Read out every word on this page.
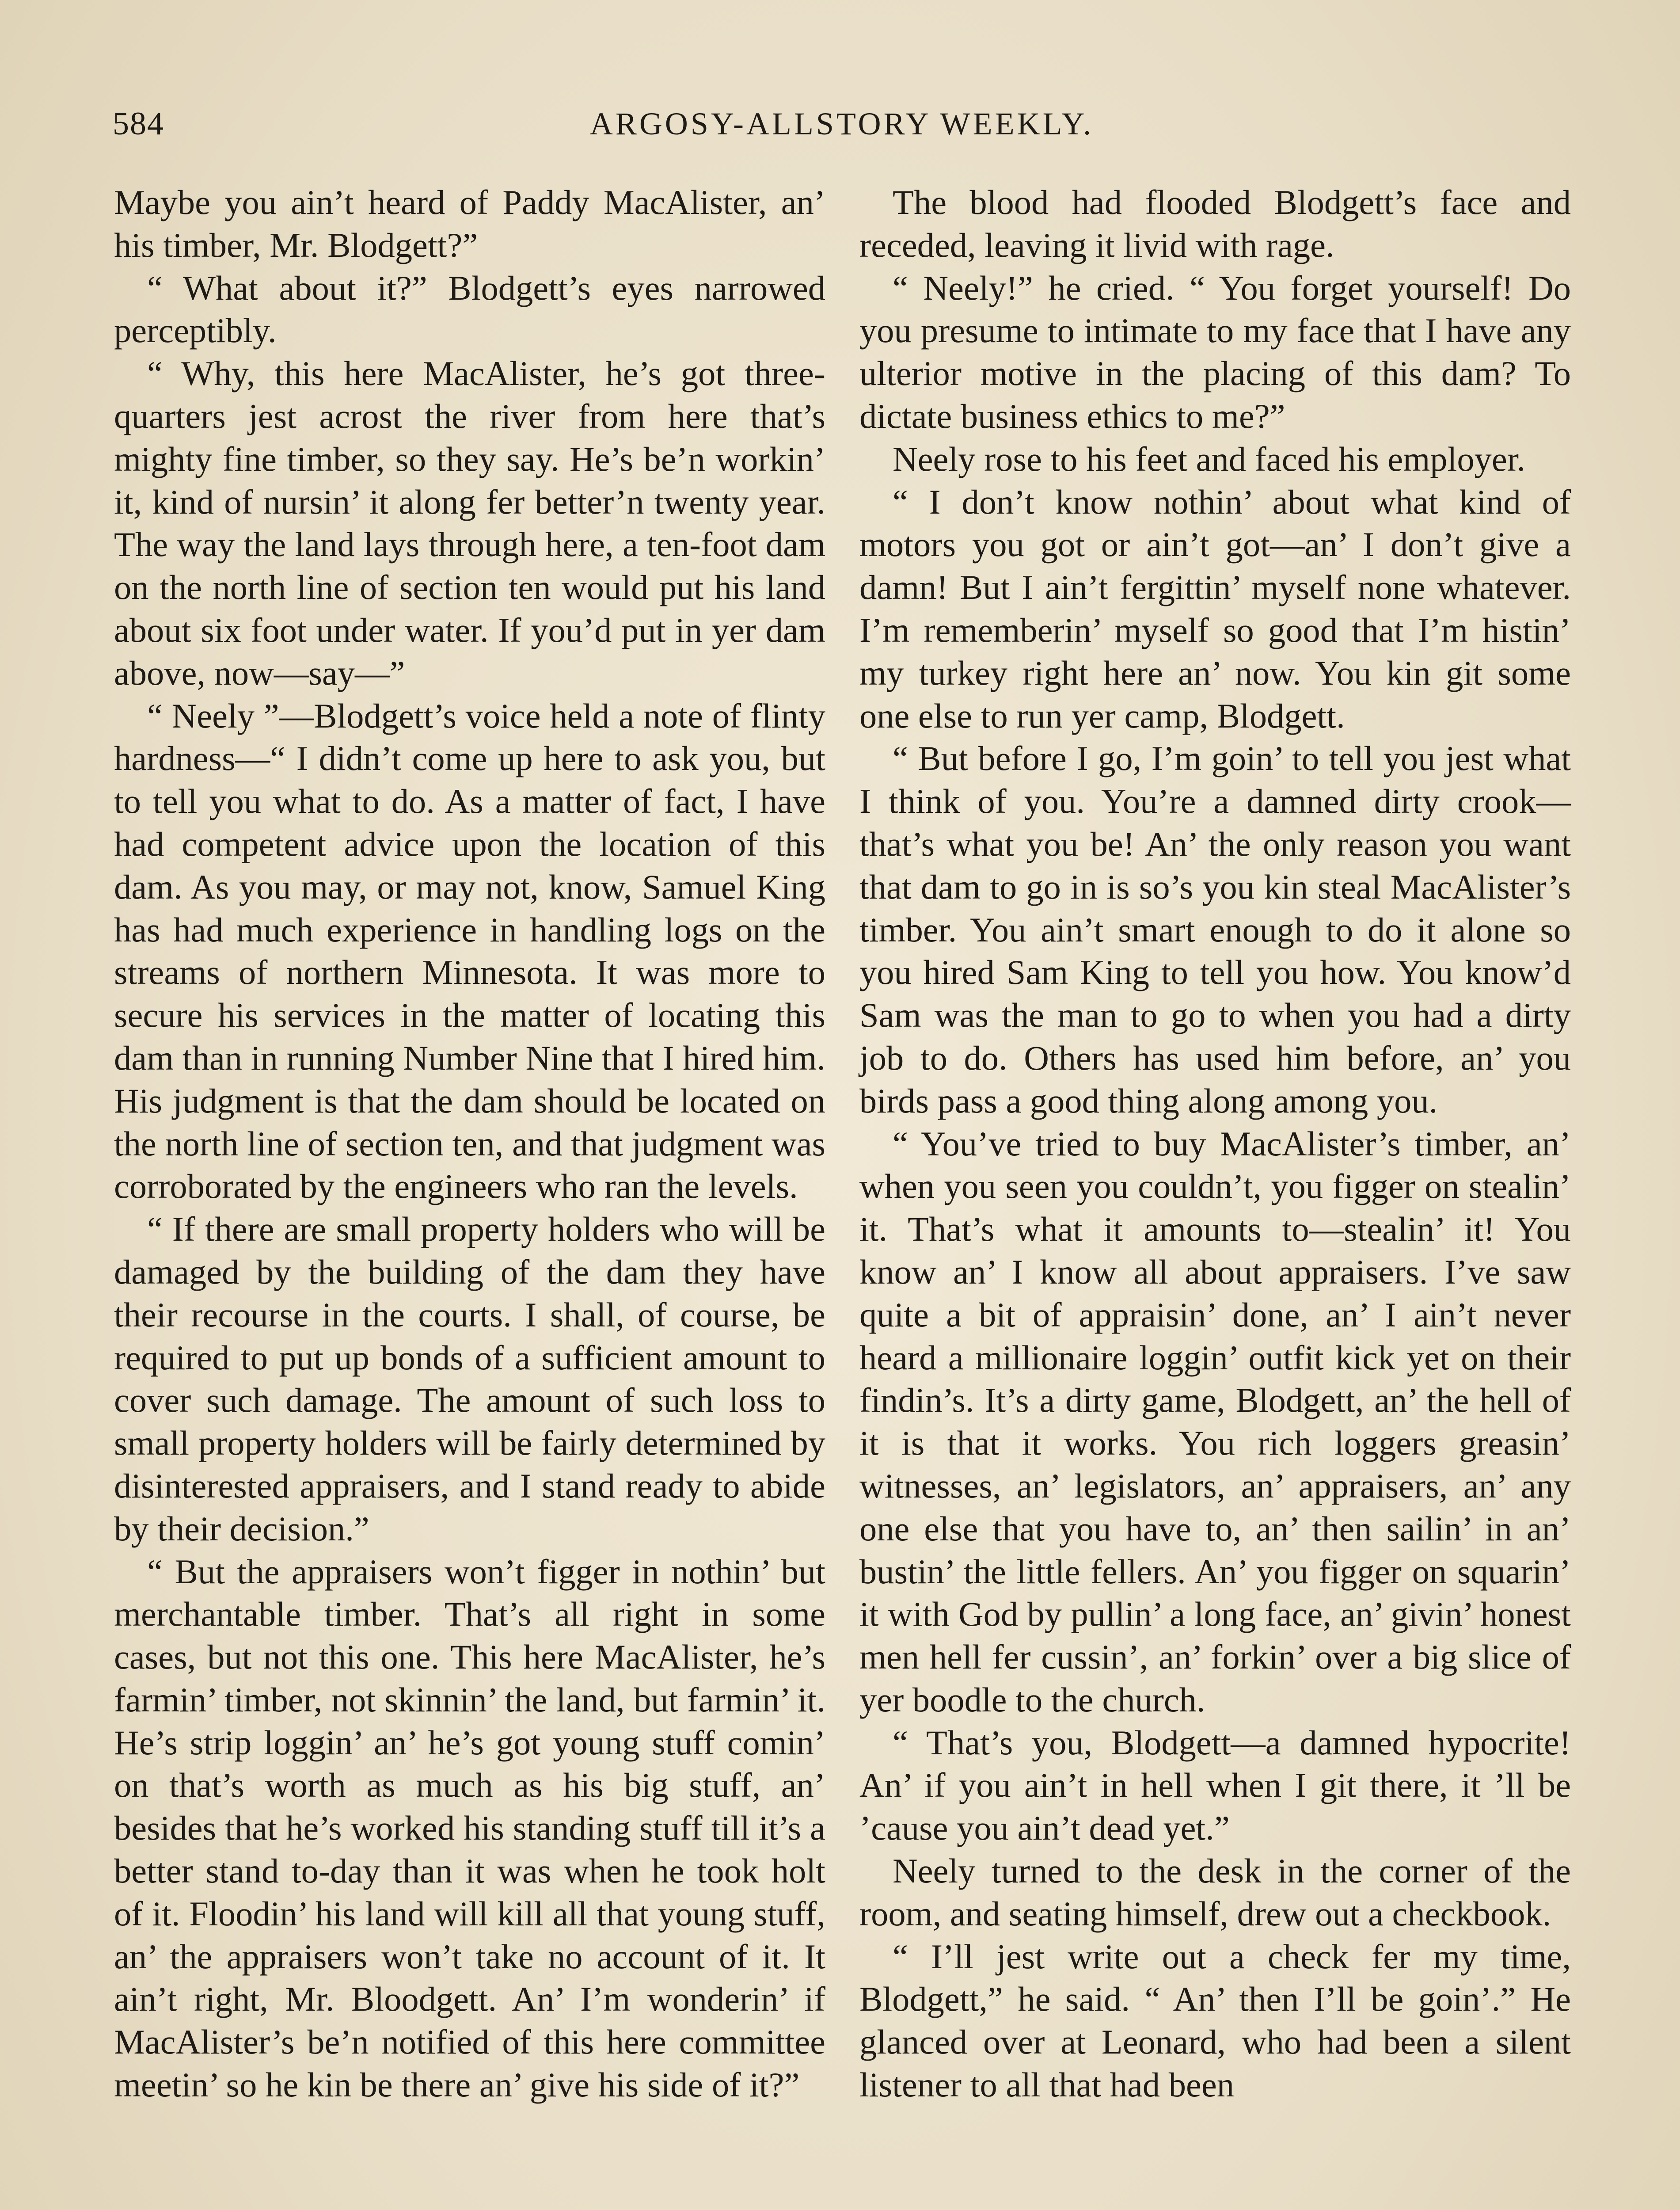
584	ARGOSY-ALLSTORY WEEKLY.

Maybe you ain’t heard of Paddy MacAlister, an’ his timber, Mr. Blodgett?”

“ What about it?” Blodgett’s eyes narrowed perceptibly.

“ Why, this here MacAlister, he’s got three-quarters jest acrost the river from here that’s mighty fine timber, so they say. He’s be’n workin’ it, kind of nursin’ it along fer better’n twenty year. The way the land lays through here, a ten-foot dam on the north line of section ten would put his land about six foot under water. If you’d put in yer dam above, now—say—”

“ Neely ”—Blodgett’s voice held a note of flinty hardness—“ I didn’t come up here to ask you, but to tell you what to do. As a matter of fact, I have had competent advice upon the location of this dam. As you may, or may not, know, Samuel King has had much experience in handling logs on the streams of northern Minnesota. It was more to secure his services in the matter of locating this dam than in running Number Nine that I hired him. His judgment is that the dam should be located on the north line of section ten, and that judgment was corroborated by the engineers who ran the levels.

“ If there are small property holders who will be damaged by the building of the dam they have their recourse in the courts. I shall, of course, be required to put up bonds of a sufficient amount to cover such damage. The amount of such loss to small property holders will be fairly determined by disinterested appraisers, and I stand ready to abide by their decision.”

“ But the appraisers won’t figger in nothin’ but merchantable timber. That’s all right in some cases, but not this one. This here MacAlister, he’s farmin’ timber, not skinnin’ the land, but farmin’ it. He’s strip loggin’ an’ he’s got young stuff comin’ on that’s worth as much as his big stuff, an’ besides that he’s worked his standing stuff till it’s a better stand to-day than it was when he took holt of it. Floodin’ his land will kill all that young stuff, an’ the appraisers won’t take no account of it. It ain’t right, Mr. Bloodgett. An’ I’m wonderin’ if MacAlister’s be’n notified of this here committee meetin’ so he kin be there an’ give his side of it?”

The blood had flooded Blodgett’s face and receded, leaving it livid with rage.

“ Neely!” he cried. “ You forget yourself! Do you presume to intimate to my face that I have any ulterior motive in the placing of this dam? To dictate business ethics to me?”

Neely rose to his feet and faced his employer.

“ I don’t know nothin’ about what kind of motors you got or ain’t got—an’ I don’t give a damn! But I ain’t fergittin’ myself none whatever. I’m rememberin’ myself so good that I’m histin’ my turkey right here an’ now. You kin git some one else to run yer camp, Blodgett.

“ But before I go, I’m goin’ to tell you jest what I think of you. You’re a damned dirty crook—that’s what you be! An’ the only reason you want that dam to go in is so’s you kin steal MacAlister’s timber. You ain’t smart enough to do it alone so you hired Sam King to tell you how. You know’d Sam was the man to go to when you had a dirty job to do. Others has used him before, an’ you birds pass a good thing along among you.

“ You’ve tried to buy MacAlister’s timber, an’ when you seen you couldn’t, you figger on stealin’ it. That’s what it amounts to—stealin’ it! You know an’ I know all about appraisers. I’ve saw quite a bit of appraisin’ done, an’ I ain’t never heard a millionaire loggin’ outfit kick yet on their findin’s. It’s a dirty game, Blodgett, an’ the hell of it is that it works. You rich loggers greasin’ witnesses, an’ legislators, an’ appraisers, an’ any one else that you have to, an’ then sailin’ in an’ bustin’ the little fellers. An’ you figger on squarin’ it with God by pullin’ a long face, an’ givin’ honest men hell fer cussin’, an’ forkin’ over a big slice of yer boodle to the church.

“ That’s you, Blodgett—a damned hypocrite! An’ if you ain’t in hell when I git there, it ’ll be ’cause you ain’t dead yet.”

Neely turned to the desk in the corner of the room, and seating himself, drew out a checkbook.

“ I’ll jest write out a check fer my time, Blodgett,” he said. “ An’ then I’ll be goin’.” He glanced over at Leonard, who had been a silent listener to all that had been
